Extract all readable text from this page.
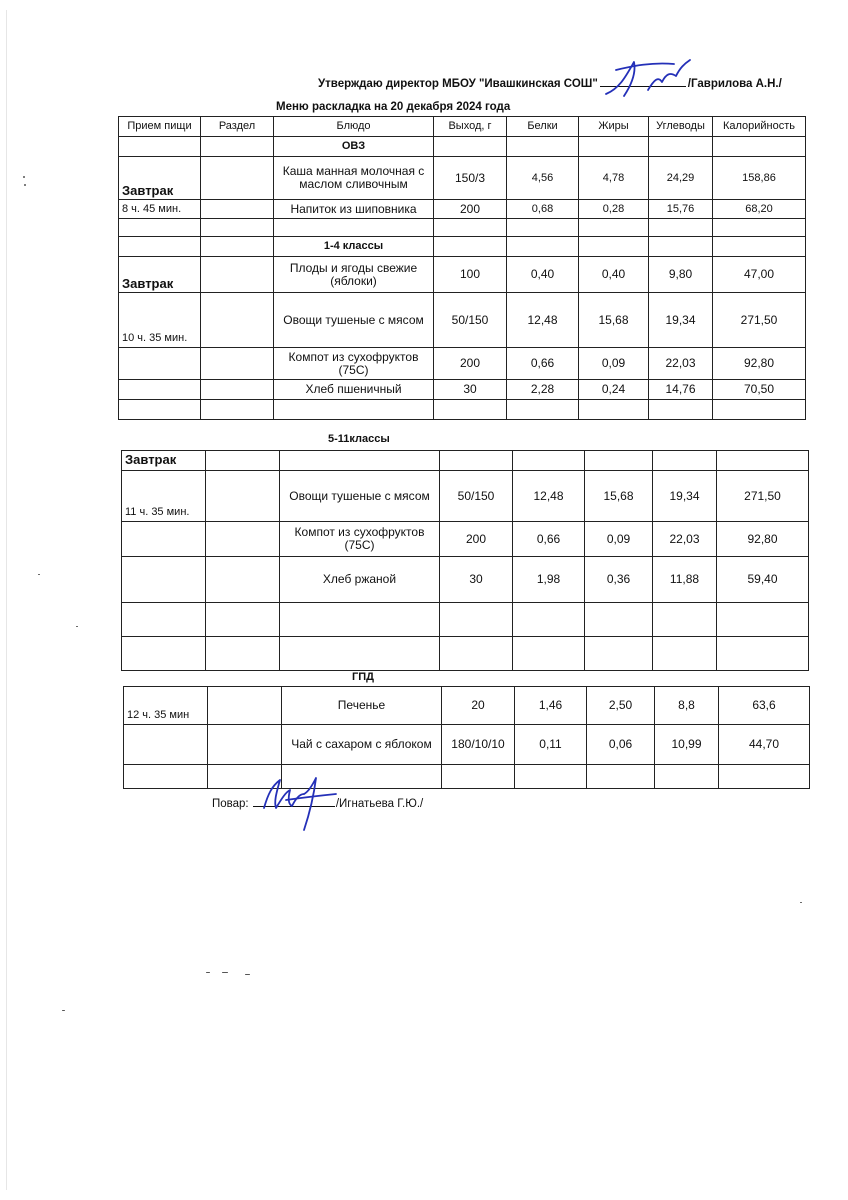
Утверждаю директор МБОУ "Ивашкинская СОШ"	/Гаврилова А.Н./
Меню раскладка на 20 декабря 2024 года
Прием пищи	Раздел	Блюдо	Выход, г	Белки	Жиры	Углеводы	Калорийность
		ОВЗ					
Завтрак		Каша манная молочная с маслом сливочным	150/3	4,56	4,78	24,29	158,86
8 ч. 45 мин.		Напиток из шиповника	200	0,68	0,28	15,76	68,20

		1-4 классы					
Завтрак		Плоды и ягоды свежие (яблоки)	100	0,40	0,40	9,80	47,00
10 ч. 35 мин.		Овощи тушеные с мясом	50/150	12,48	15,68	19,34	271,50
		Компот из сухофруктов (75С)	200	0,66	0,09	22,03	92,80
		Хлеб пшеничный	30	2,28	0,24	14,76	70,50

5-11классы
Завтрак							
11 ч. 35 мин.		Овощи тушеные с мясом	50/150	12,48	15,68	19,34	271,50
		Компот из сухофруктов (75С)	200	0,66	0,09	22,03	92,80
		Хлеб ржаной	30	1,98	0,36	11,88	59,40

ГПД
12 ч. 35 мин		Печенье	20	1,46	2,50	8,8	63,6
		Чай с сахаром с яблоком	180/10/10	0,11	0,06	10,99	44,70

Повар:	/Игнатьева Г.Ю./
